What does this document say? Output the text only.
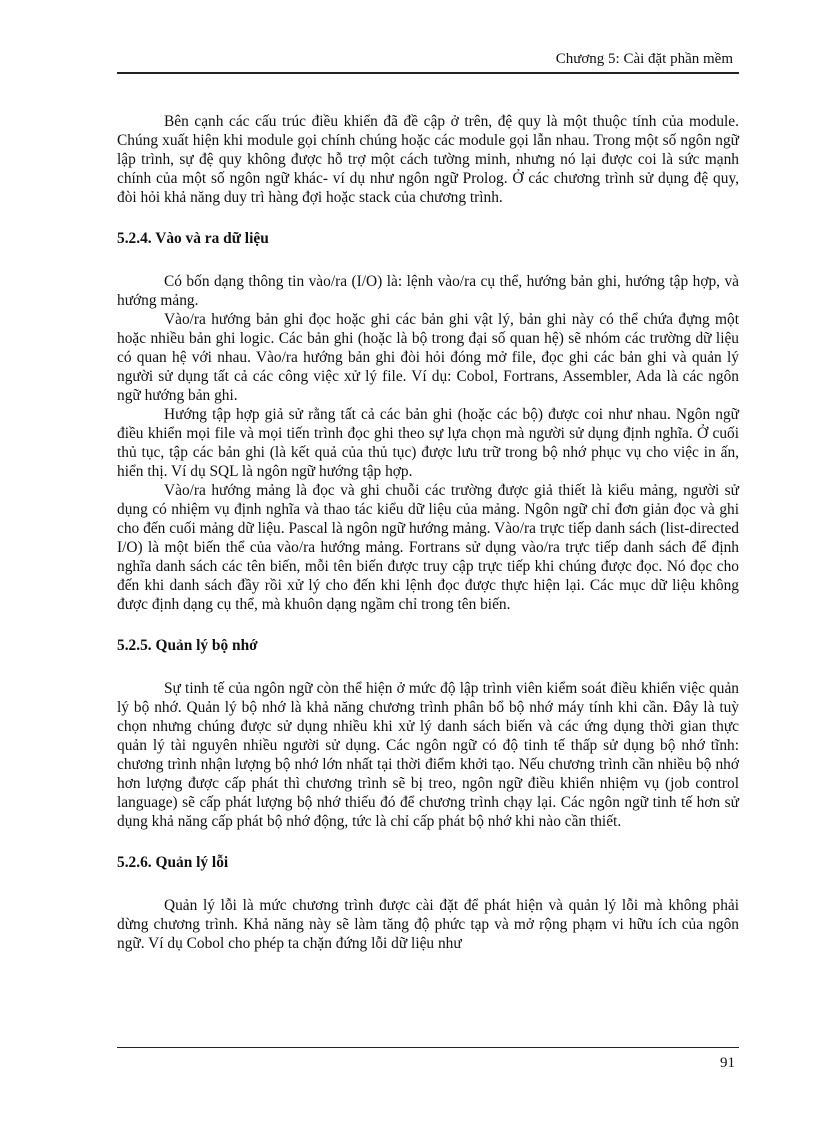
Chương 5: Cài đặt phần mềm

Bên cạnh các cấu trúc điều khiển đã đề cập ở trên, đệ quy là một thuộc tính của module. Chúng xuất hiện khi module gọi chính chúng hoặc các module gọi lẫn nhau. Trong một số ngôn ngữ lập trình, sự đệ quy không được hỗ trợ một cách tường minh, nhưng nó lại được coi là sức mạnh chính của một số ngôn ngữ khác- ví dụ như ngôn ngữ Prolog. Ở các chương trình sử dụng đệ quy, đòi hỏi khả năng duy trì hàng đợi hoặc stack của chương trình.

5.2.4. Vào và ra dữ liệu

Có bốn dạng thông tin vào/ra (I/O) là: lệnh vào/ra cụ thể, hướng bản ghi, hướng tập hợp, và hướng mảng.

Vào/ra hướng bản ghi đọc hoặc ghi các bản ghi vật lý, bản ghi này có thể chứa đựng một hoặc nhiều bản ghi logic. Các bản ghi (hoặc là bộ trong đại số quan hệ) sẽ nhóm các trường dữ liệu có quan hệ với nhau. Vào/ra hướng bản ghi đòi hỏi đóng mở file, đọc ghi các bản ghi và quản lý người sử dụng tất cả các công việc xử lý file. Ví dụ: Cobol, Fortrans, Assembler, Ada là các ngôn ngữ hướng bản ghi.

Hướng tập hợp giả sử rằng tất cả các bản ghi (hoặc các bộ) được coi như nhau. Ngôn ngữ điều khiển mọi file và mọi tiến trình đọc ghi theo sự lựa chọn mà người sử dụng định nghĩa. Ở cuối thủ tục, tập các bản ghi (là kết quả của thủ tục) được lưu trữ trong bộ nhớ phục vụ cho việc in ấn, hiển thị. Ví dụ SQL là ngôn ngữ hướng tập hợp.

Vào/ra hướng mảng là đọc và ghi chuỗi các trường được giả thiết là kiểu mảng, người sử dụng có nhiệm vụ định nghĩa và thao tác kiểu dữ liệu của mảng. Ngôn ngữ chỉ đơn giản đọc và ghi cho đến cuối mảng dữ liệu. Pascal là ngôn ngữ hướng mảng. Vào/ra trực tiếp danh sách (list-directed I/O) là một biến thể của vào/ra hướng mảng. Fortrans sử dụng vào/ra trực tiếp danh sách để định nghĩa danh sách các tên biến, mỗi tên biến được truy cập trực tiếp khi chúng được đọc. Nó đọc cho đến khi danh sách đầy rồi xử lý cho đến khi lệnh đọc được thực hiện lại. Các mục dữ liệu không được định dạng cụ thể, mà khuôn dạng ngầm chỉ trong tên biến.

5.2.5. Quản lý bộ nhớ

Sự tinh tế của ngôn ngữ còn thể hiện ở mức độ lập trình viên kiểm soát điều khiển việc quản lý bộ nhớ. Quản lý bộ nhớ là khả năng chương trình phân bổ bộ nhớ máy tính khi cần. Đây là tuỳ chọn nhưng chúng được sử dụng nhiều khi xử lý danh sách biến và các ứng dụng thời gian thực quản lý tài nguyên nhiều người sử dụng. Các ngôn ngữ có độ tinh tế thấp sử dụng bộ nhớ tĩnh: chương trình nhận lượng bộ nhớ lớn nhất tại thời điểm khởi tạo. Nếu chương trình cần nhiều bộ nhớ hơn lượng được cấp phát thì chương trình sẽ bị treo, ngôn ngữ điều khiển nhiệm vụ (job control language) sẽ cấp phát lượng bộ nhớ thiếu đó để chương trình chạy lại. Các ngôn ngữ tinh tế hơn sử dụng khả năng cấp phát bộ nhớ động, tức là chỉ cấp phát bộ nhớ khi nào cần thiết.

5.2.6. Quản lý lỗi

Quản lý lỗi là mức chương trình được cài đặt để phát hiện và quản lý lỗi mà không phải dừng chương trình. Khả năng này sẽ làm tăng độ phức tạp và mở rộng phạm vi hữu ích của ngôn ngữ. Ví dụ Cobol cho phép ta chặn đứng lỗi dữ liệu như

91
